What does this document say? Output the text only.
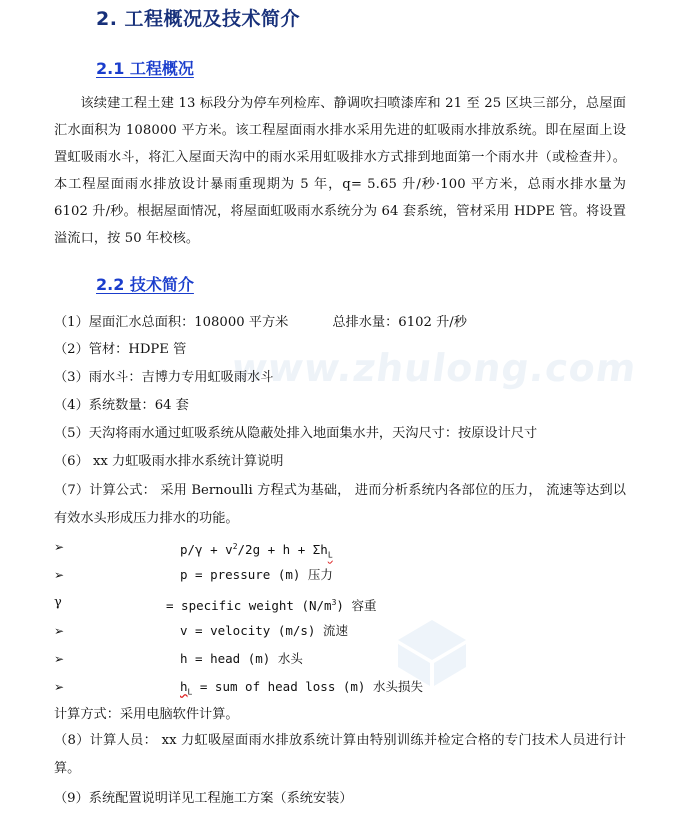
www.zhulong.com
2. 工程概况及技术简介
2.1 工程概况

该续建工程土建 13 标段分为停车列检库、静调吹扫喷漆库和 21 至 25 区块三部分，总屋面汇水面积为 108000 平方米。该工程屋面雨水排水采用先进的虹吸雨水排放系统。即在屋面上设置虹吸雨水斗，将汇入屋面天沟中的雨水采用虹吸排水方式排到地面第一个雨水井（或检查井）。本工程屋面雨水排放设计暴雨重现期为 5 年，q= 5.65 升/秒·100 平方米，总雨水排水量为 6102 升/秒。根据屋面情况，将屋面虹吸雨水系统分为 64 套系统，管材采用 HDPE 管。将设置溢流口，按 50 年校核。

2.2 技术简介
（1）屋面汇水总面积：108000 平方米	总排水量：6102 升/秒
（2）管材：HDPE 管
（3）雨水斗：吉博力专用虹吸雨水斗
（4）系统数量：64 套
（5）天沟将雨水通过虹吸系统从隐蔽处排入地面集水井，天沟尺寸：按原设计尺寸
（6） xx 力虹吸雨水排水系统计算说明

（7）计算公式： 采用 Bernoulli 方程式为基础， 进而分析系统内各部位的压力， 流速等达到以有效水头形成压力排水的功能。

➢	$p/\gamma + v^2/2g + h + \Sigma h_L$
➢	p = pressure (m) 压力
γ	= specific weight $(N/m^3)$ 容重
➢	v = velocity (m/s) 流速
➢	h = head (m) 水头
➢	$h_L$ = sum of head loss (m) 水头损失
计算方式：采用电脑软件计算。

（8）计算人员： xx 力虹吸屋面雨水排放系统计算由特别训练并检定合格的专门技术人员进行计算。

（9）系统配置说明详见工程施工方案（系统安装）
